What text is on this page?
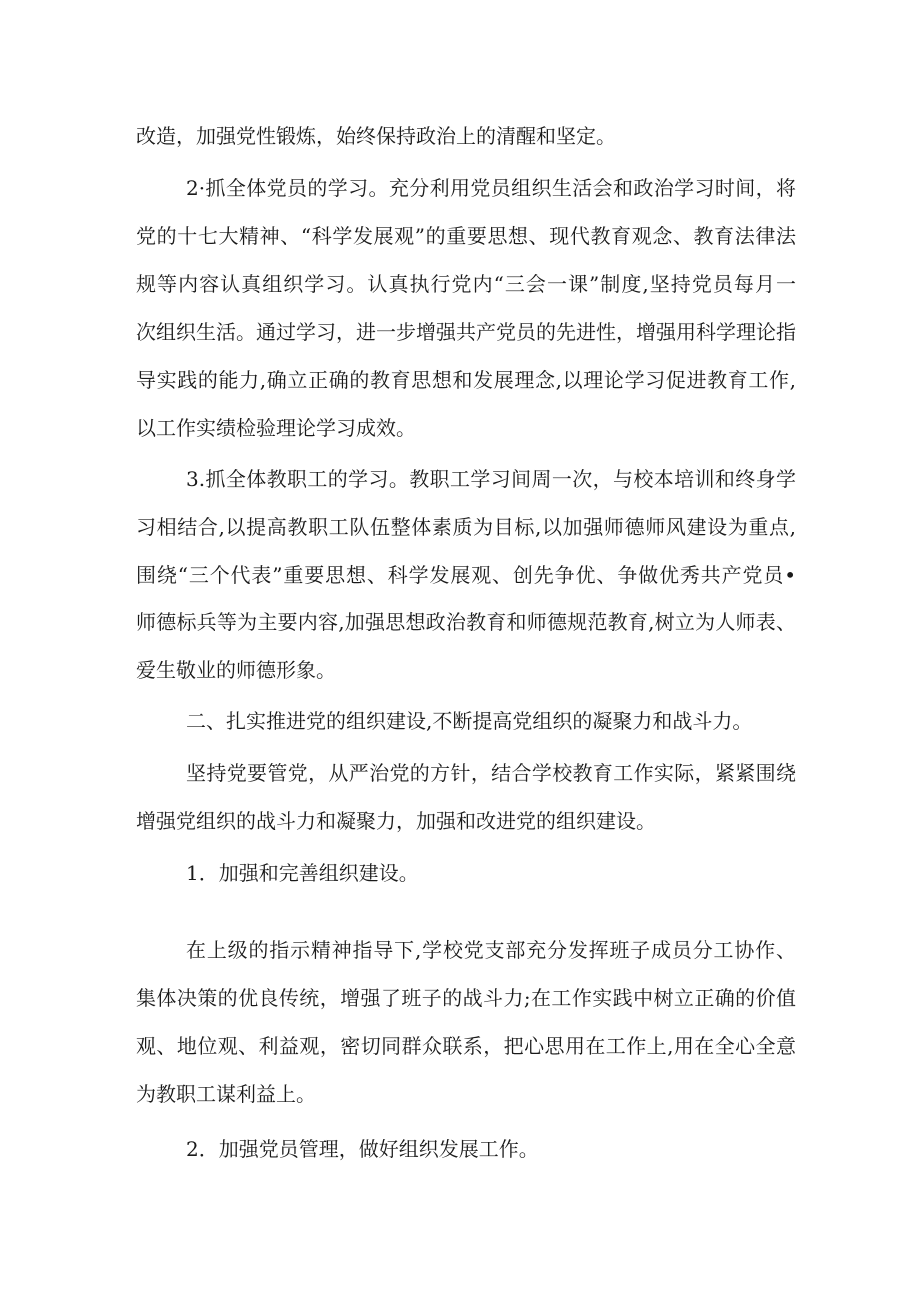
改造，加强党性锻炼，始终保持政治上的清醒和坚定。
2·抓全体党员的学习。充分利用党员组织生活会和政治学习时间，将
党的十七大精神、“科学发展观”的重要思想、现代教育观念、教育法律法
规等内容认真组织学习。认真执行党内“三会一课”制度,坚持党员每月一
次组织生活。通过学习，进一步增强共产党员的先进性，增强用科学理论指
导实践的能力,确立正确的教育思想和发展理念,以理论学习促进教育工作,
以工作实绩检验理论学习成效。
3.抓全体教职工的学习。教职工学习间周一次，与校本培训和终身学
习相结合,以提高教职工队伍整体素质为目标,以加强师德师风建设为重点,
围绕“三个代表”重要思想、科学发展观、创先争优、争做优秀共产党员•
师德标兵等为主要内容,加强思想政治教育和师德规范教育,树立为人师表、
爱生敬业的师德形象。
二、扎实推进党的组织建设,不断提高党组织的凝聚力和战斗力。
坚持党要管党，从严治党的方针，结合学校教育工作实际，紧紧围绕
增强党组织的战斗力和凝聚力，加强和改进党的组织建设。
1．加强和完善组织建设。
在上级的指示精神指导下,学校党支部充分发挥班子成员分工协作、
集体决策的优良传统，增强了班子的战斗力;在工作实践中树立正确的价值
观、地位观、利益观，密切同群众联系，把心思用在工作上,用在全心全意
为教职工谋利益上。
2．加强党员管理，做好组织发展工作。
